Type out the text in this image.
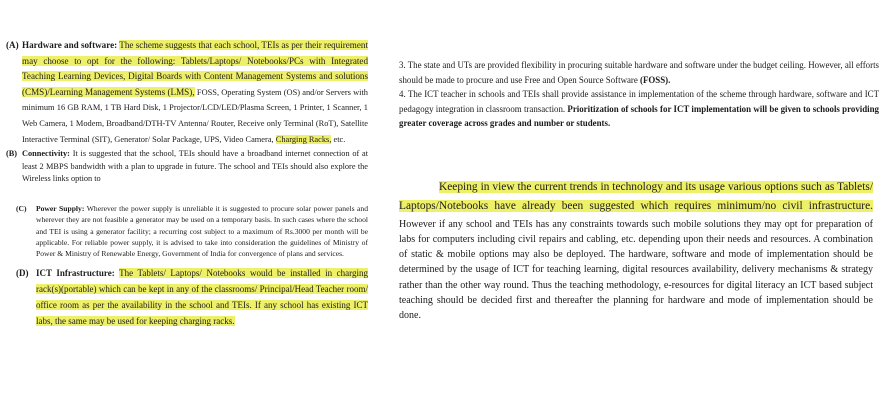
(A) Hardware and software: The scheme suggests that each school, TEIs as per their requirement may choose to opt for the following: Tablets/Laptops/ Notebooks/PCs with Integrated Teaching Learning Devices, Digital Boards with Content Management Systems and solutions (CMS)/Learning Management Systems (LMS), FOSS, Operating System (OS) and/or Servers with minimum 16 GB RAM, 1 TB Hard Disk, 1 Projector/LCD/LED/Plasma Screen, 1 Printer, 1 Scanner, 1 Web Camera, 1 Modem, Broadband/DTH-TV Antenna/ Router, Receive only Terminal (RoT), Satellite Interactive Terminal (SIT), Generator/ Solar Package, UPS, Video Camera, Charging Racks, etc.
(B) Connectivity: It is suggested that the school, TEIs should have a broadband internet connection of at least 2 MBPS bandwidth with a plan to upgrade in future. The school and TEIs should also explore the Wireless links option to
(C) Power Supply: Wherever the power supply is unreliable it is suggested to procure solar power panels and wherever they are not feasible a generator may be used on a temporary basis. In such cases where the school and TEI is using a generator facility; a recurring cost subject to a maximum of Rs.3000 per month will be applicable. For reliable power supply, it is advised to take into consideration the guidelines of Ministry of Power & Ministry of Renewable Energy, Government of India for convergence of plans and services.
(D) ICT Infrastructure: The Tablets/ Laptops/ Notebooks would be installed in charging rack(s)(portable) which can be kept in any of the classrooms/ Principal/Head Teacher room/ office room as per the availability in the school and TEIs. If any school has existing ICT labs, the same may be used for keeping charging racks.

3. The state and UTs are provided flexibility in procuring suitable hardware and software under the budget ceiling. However, all efforts should be made to procure and use Free and Open Source Software (FOSS).

4. The ICT teacher in schools and TEIs shall provide assistance in implementation of the scheme through hardware, software and ICT pedagogy integration in classroom transaction. Prioritization of schools for ICT implementation will be given to schools providing greater coverage across grades and number or students.

Keeping in view the current trends in technology and its usage various options such as Tablets/ Laptops/Notebooks have already been suggested which requires minimum/no civil infrastructure. However if any school and TEIs has any constraints towards such mobile solutions they may opt for preparation of labs for computers including civil repairs and cabling, etc. depending upon their needs and resources. A combination of static & mobile options may also be deployed. The hardware, software and mode of implementation should be determined by the usage of ICT for teaching learning, digital resources availability, delivery mechanisms & strategy rather than the other way round. Thus the teaching methodology, e-resources for digital literacy an ICT based subject teaching should be decided first and thereafter the planning for hardware and mode of implementation should be done.
